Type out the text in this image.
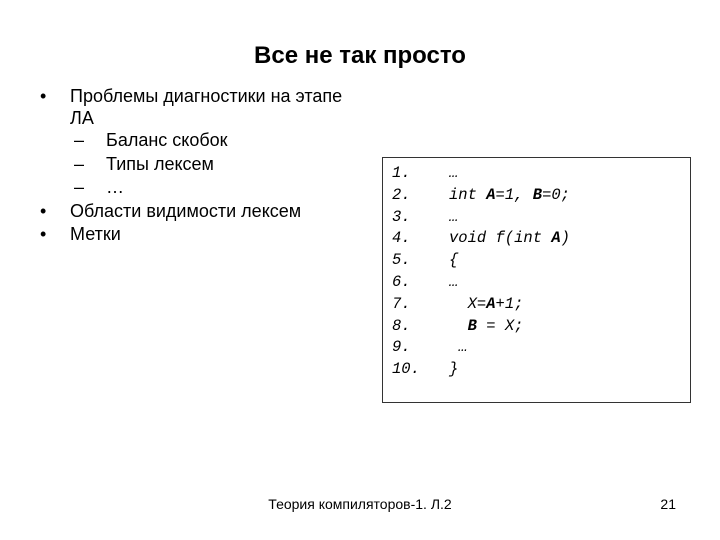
Все не так просто
• Проблемы диагностики на этапе ЛА
– Баланс скобок
– Типы лексем
– …
• Области видимости лексем
• Метки
1. …
2. int A=1, B=0;
3. …
4. void f(int A)
5. {
6. …
7. X=A+1;
8.	B = X;
9. …
10. }
Теория компиляторов-1. Л.2	21
